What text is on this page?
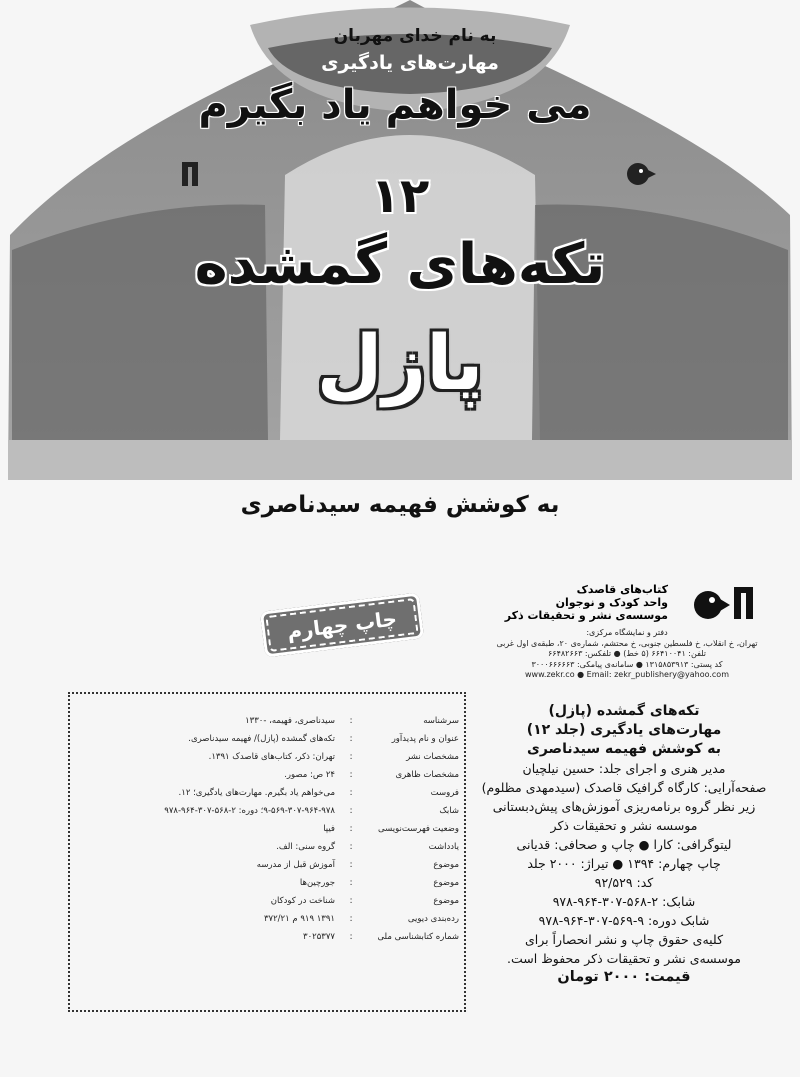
به نام خدای مهربان
مهارت‌های یادگیری
می خواهم یاد بگیرم
۱۲
تکه‌های گمشده
پازل
به کوشش فهیمه سیدناصری
چاپ چهارم
کتاب‌های قاصدک
واحد کودک و نوجوان
موسسه‌ی نشر و تحقیقات ذکر
دفتر و نمایشگاه مرکزی:
تهران، خ انقلاب، خ فلسطین جنوبی، خ محتشم، شماره‌ی ۲۰، طبقه‌ی اول غربی
تلفن: ۶۶۴۱۰۰۴۱ (۵ خط) ● تلفکس: ۶۶۴۸۲۶۶۳
کد پستی: ۱۳۱۵۸۵۳۹۱۳ ● سامانه‌ی پیامکی: ۳۰۰۰۶۶۶۶۶۳
www.zekr.co ● Email: zekr_publishery@yahoo.com
تکه‌های گمشده (پازل)
مهارت‌های یادگیری (جلد ۱۲)
به کوشش فهیمه سیدناصری
مدیر هنری و اجرای جلد: حسین نیلچیان
صفحه‌آرایی: کارگاه گرافیک قاصدک (سیدمهدی مظلوم)
زیر نظر گروه برنامه‌ریزی آموزش‌های پیش‌دبستانی
موسسه نشر و تحقیقات ذکر
لیتوگرافی: کارا ● چاپ و صحافی: قدیانی
چاپ چهارم: ۱۳۹۴ ● تیراژ: ۲۰۰۰ جلد
کد: ۹۲/۵۲۹
شابک: ۲-۵۶۸-۳۰۷-۹۶۴-۹۷۸
شابک دوره: ۹-۵۶۹-۳۰۷-۹۶۴-۹۷۸
کلیه‌ی حقوق چاپ و نشر انحصاراً برای
موسسه‌ی نشر و تحقیقات ذکر محفوظ است.
قیمت: ۲۰۰۰ تومان
سرشناسه	:	سیدناصری، فهیمه، -۱۳۳۰
عنوان و نام پدیدآور	:	تکه‌های گمشده (پازل)/ فهیمه سیدناصری.
مشخصات نشر	:	تهران: ذکر، کتاب‌های قاصدک ۱۳۹۱.
مشخصات ظاهری	:	۲۴ ص: مصور.
فروست	:	می‌خواهم یاد بگیرم. مهارت‌های یادگیری؛ ۱۲.
شابک	:	۹-۵۶۹-۳۰۷-۹۶۴-۹۷۸؛ دوره: ۲-۵۶۸-۳۰۷-۹۶۴-۹۷۸
وضعیت فهرست‌نویسی	:	فیپا
یادداشت	:	گروه سنی: الف.
موضوع	:	آموزش قبل از مدرسه
موضوع	:	جورچین‌ها
موضوع	:	شناخت در کودکان
رده‌بندی دیویی	:	۱۳۹۱ ۹۱۹ م ۳۷۲/۲۱
شماره کتابشناسی ملی	:	۳۰۲۵۳۷۷
